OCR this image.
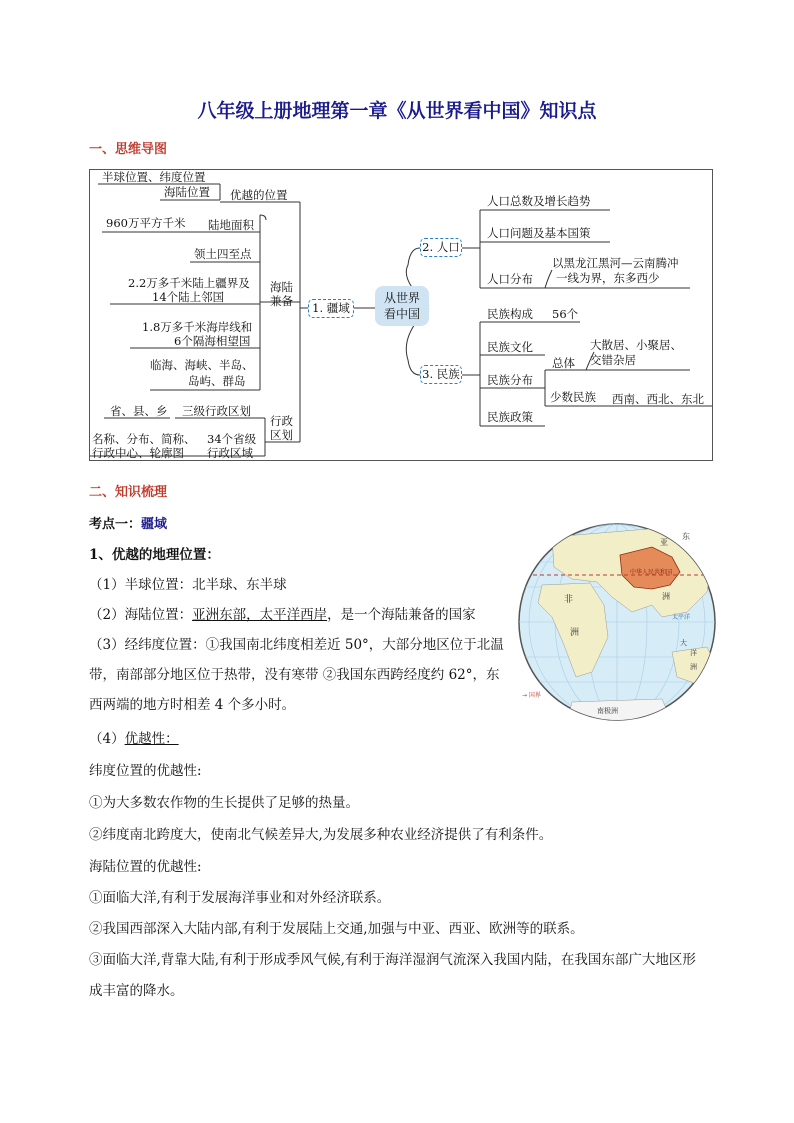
八年级上册地理第一章《从世界看中国》知识点
一、思维导图
半球位置、纬度位置
海陆位置 优越的位置
960万平方千米 陆地面积
领土四至点
2.2万多千米陆上疆界及
14个陆上邻国
1.8万多千米海岸线和
6个隔海相望国
临海、海峡、半岛、
岛屿、群岛
海陆
兼备
省、县、乡 三级行政区划
名称、分布、简称、
行政中心、轮廓图
34个省级
行政区域
行政
区划
1. 疆域
从世界
看中国
2. 人口
3. 民族
人口总数及增长趋势
人口问题及基本国策
人口分布
以黑龙江黑河—云南腾冲
一线为界，东多西少
民族构成 56个
民族文化
民族分布
民族政策
总体
大散居、小聚居、
交错杂居
少数民族 西南、西北、东北
二、知识梳理
考点一：疆域
1、优越的地理位置：
（1）半球位置：北半球、东半球
（2）海陆位置：亚洲东部，太平洋西岸，是一个海陆兼备的国家
（3）经纬度位置：①我国南北纬度相差近 50°，大部分地区位于北温
带，南部部分地区位于热带，没有寒带 ②我国东西跨经度约 62°，东
西两端的地方时相差 4 个多小时。
（4）优越性：
纬度位置的优越性:
①为大多数农作物的生长提供了足够的热量。
②纬度南北跨度大，使南北气候差异大,为发展多种农业经济提供了有利条件。
海陆位置的优越性:
①面临大洋,有利于发展海洋事业和对外经济联系。
②我国西部深入大陆内部,有利于发展陆上交通,加强与中亚、西亚、欧洲等的联系。
③面临大洋,背靠大陆,有利于形成季风气候,有利于海洋湿润气流深入我国内陆，在我国东部广大地区形
成丰富的降水。
中华人民共和国
亚
洲
非
洲
大
洋
洲
南极洲
东
太平洋
→ 国界
